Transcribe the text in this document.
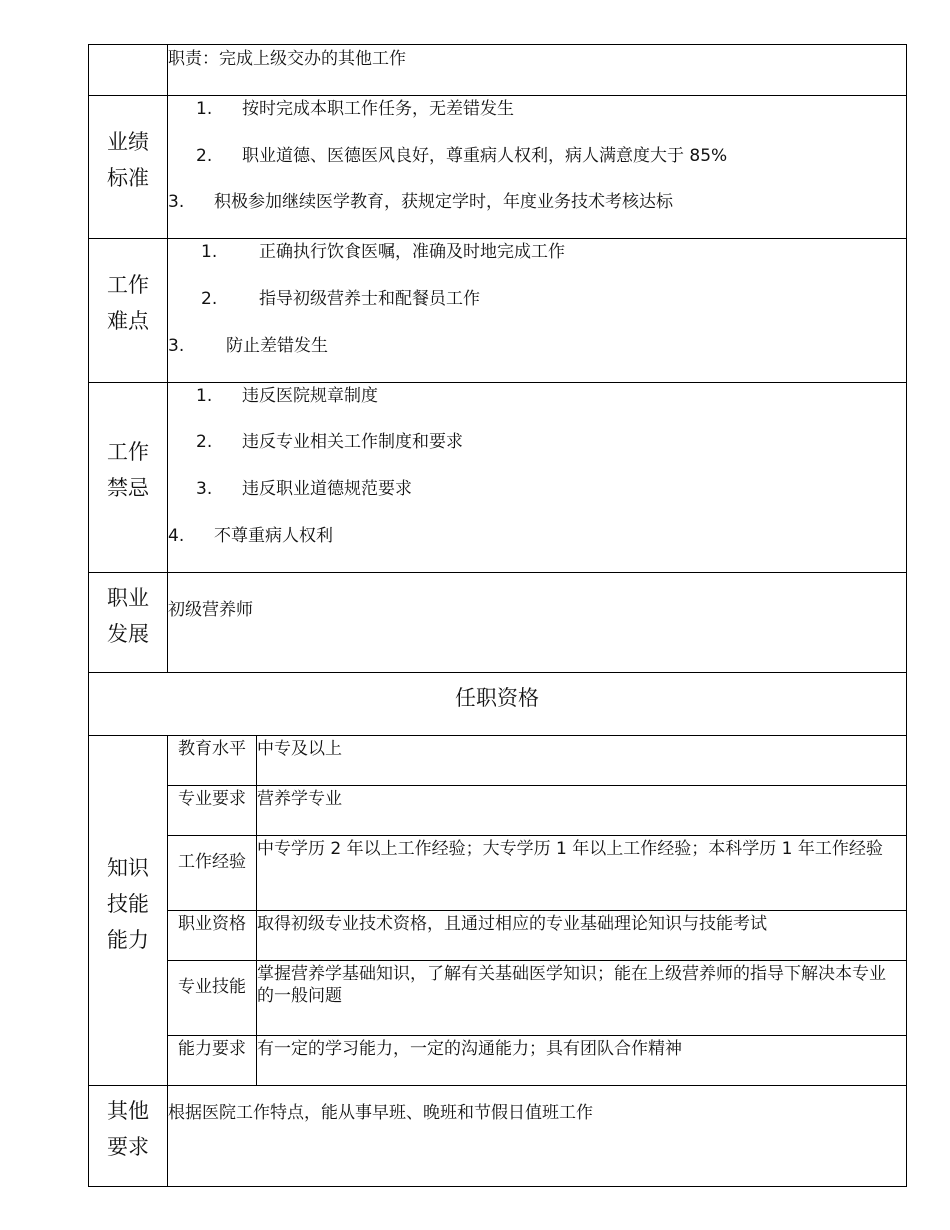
职责：完成上级交办的其他工作
业绩
标准
1. 按时完成本职工作任务，无差错发生
2. 职业道德、医德医风良好，尊重病人权利，病人满意度大于 85%
3. 积极参加继续医学教育，获规定学时，年度业务技术考核达标
工作
难点
1. 正确执行饮食医嘱，准确及时地完成工作
2. 指导初级营养士和配餐员工作
3. 防止差错发生
工作
禁忌
1. 违反医院规章制度
2. 违反专业相关工作制度和要求
3. 违反职业道德规范要求
4. 不尊重病人权利
职业
发展
初级营养师
任职资格
知识
技能
能力
教育水平 中专及以上
专业要求 营养学专业
工作经验
中专学历 2 年以上工作经验；大专学历 1 年以上工作经验；本科学历 1 年工作经验
职业资格 取得初级专业技术资格，且通过相应的专业基础理论知识与技能考试
专业技能
掌握营养学基础知识，了解有关基础医学知识；能在上级营养师的指导下解决本专业的一般问题
能力要求 有一定的学习能力，一定的沟通能力；具有团队合作精神
其他
要求
根据医院工作特点，能从事早班、晚班和节假日值班工作
